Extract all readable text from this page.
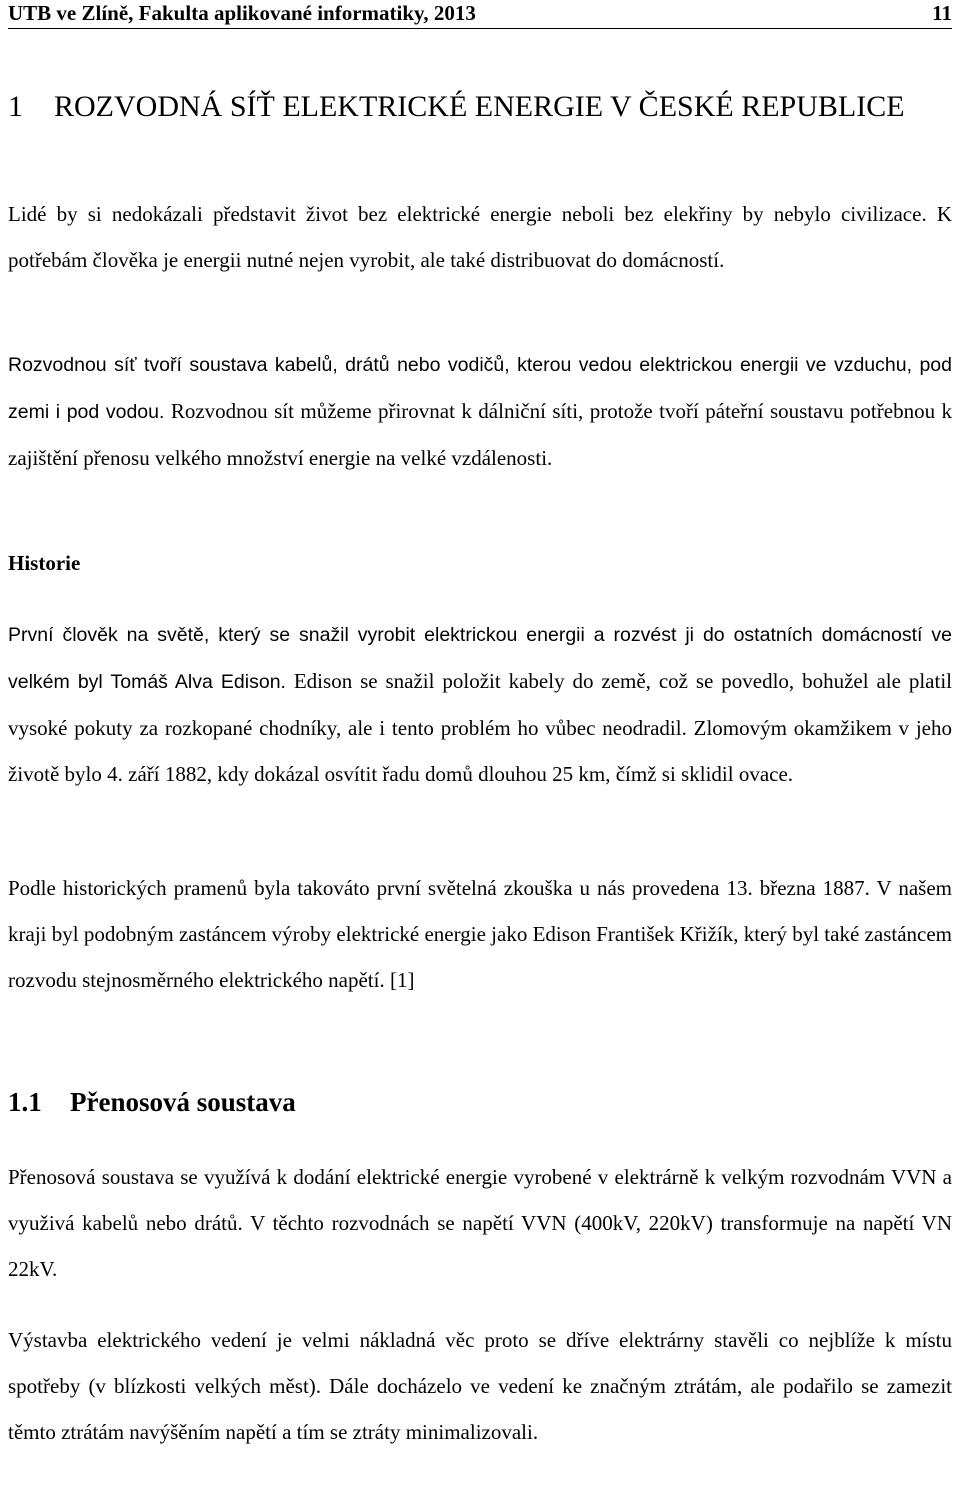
UTB ve Zlíně, Fakulta aplikované informatiky, 2013	11
1	ROZVODNÁ SÍŤ ELEKTRICKÉ ENERGIE V ČESKÉ REPUBLICE

Lidé by si nedokázali představit život bez elektrické energie neboli bez elekřiny by nebylo civilizace. K potřebám člověka je energii nutné nejen vyrobit, ale také distribuovat do domácností.

Rozvodnou síť tvoří soustava kabelů, drátů nebo vodičů, kterou vedou elektrickou energii ve vzduchu, pod zemi i pod vodou. Rozvodnou sít můžeme přirovnat k dálniční síti, protože tvoří páteřní soustavu potřebnou k zajištění přenosu velkého množství energie na velké vzdálenosti.

Historie

První člověk na světě, který se snažil vyrobit elektrickou energii a rozvést ji do ostatních domácností ve velkém byl Tomáš Alva Edison. Edison se snažil položit kabely do země, což se povedlo, bohužel ale platil vysoké pokuty za rozkopané chodníky, ale i tento problém ho vůbec neodradil. Zlomovým okamžikem v jeho životě bylo 4. září 1882, kdy dokázal osvítit řadu domů dlouhou 25 km, čímž si sklidil ovace.

Podle historických pramenů byla takováto první světelná zkouška u nás provedena 13. března 1887. V našem kraji byl podobným zastáncem výroby elektrické energie jako Edison František Křižík, který byl také zastáncem rozvodu stejnosměrného elektrického napětí. [1]

1.1	Přenosová soustava

Přenosová soustava se využívá k dodání elektrické energie vyrobené v elektrárně k velkým rozvodnám VVN a využivá kabelů nebo drátů. V těchto rozvodnách se napětí VVN (400kV, 220kV) transformuje na napětí VN 22kV.

Výstavba elektrického vedení je velmi nákladná věc proto se dříve elektrárny stavěli co nejblíže k místu spotřeby (v blízkosti velkých měst). Dále docházelo ve vedení ke značným ztrátám, ale podařilo se zamezit těmto ztrátám navýšěním napětí a tím se ztráty minimalizovali.
